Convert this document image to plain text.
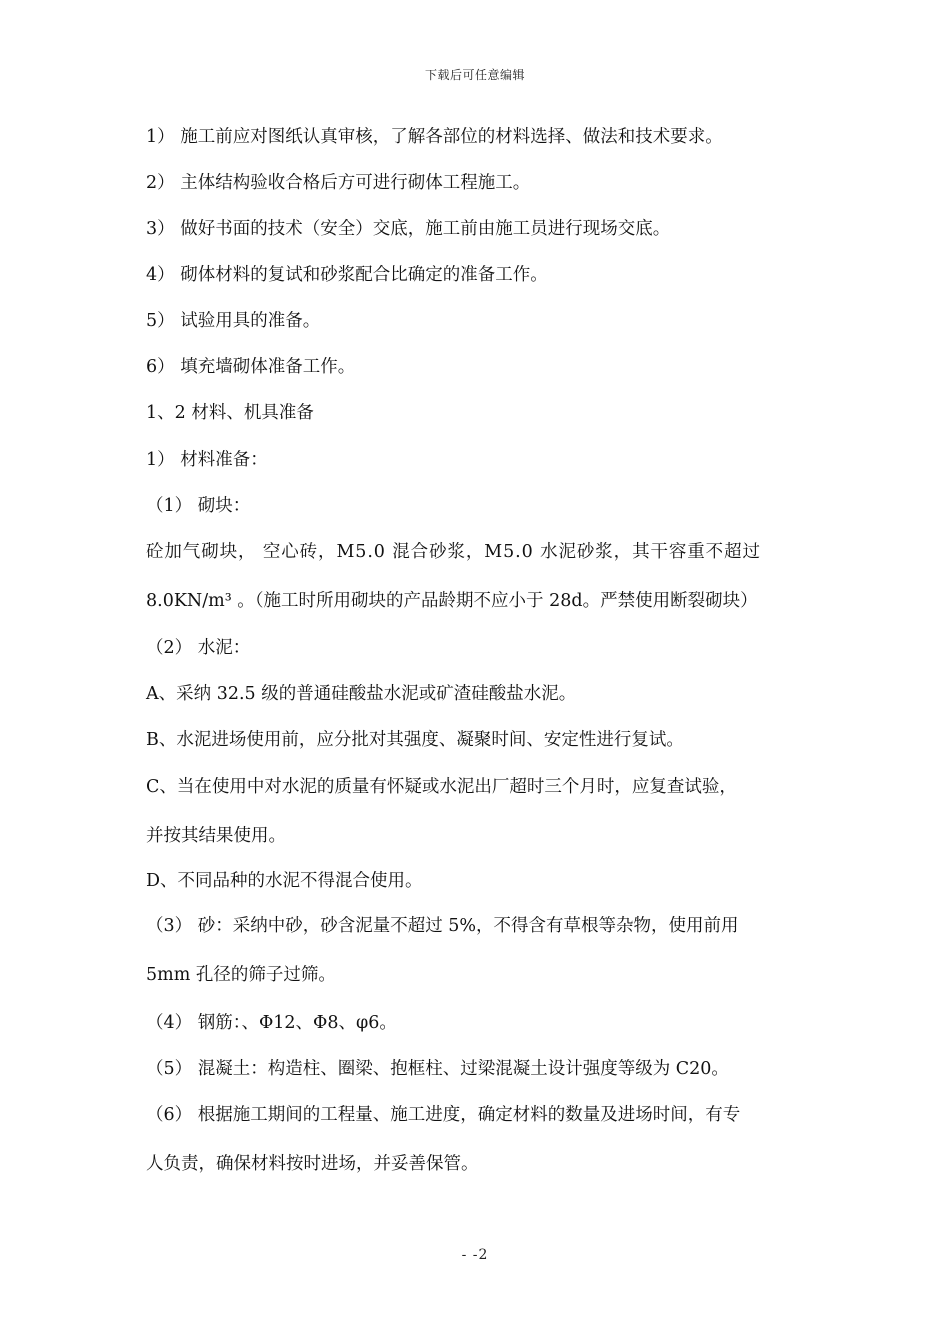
下载后可任意编辑
1） 施工前应对图纸认真审核，了解各部位的材料选择、做法和技术要求。
2） 主体结构验收合格后方可进行砌体工程施工。
3） 做好书面的技术（安全）交底，施工前由施工员进行现场交底。
4） 砌体材料的复试和砂浆配合比确定的准备工作。
5） 试验用具的准备。
6） 填充墙砌体准备工作。
1、2 材料、机具准备
1） 材料准备：
（1） 砌块：
砼加气砌块， 空心砖，M5.0 混合砂浆，M5.0 水泥砂浆，其干容重不超过
8.0KN/m³ 。（施工时所用砌块的产品龄期不应小于 28d。严禁使用断裂砌块）
（2） 水泥：
A、采纳 32.5 级的普通硅酸盐水泥或矿渣硅酸盐水泥。
B、水泥进场使用前，应分批对其强度、凝聚时间、安定性进行复试。
C、当在使用中对水泥的质量有怀疑或水泥出厂超时三个月时，应复查试验，
并按其结果使用。
D、不同品种的水泥不得混合使用。
（3） 砂：采纳中砂，砂含泥量不超过 5%，不得含有草根等杂物，使用前用
5mm 孔径的筛子过筛。
（4） 钢筋：、Φ12、Φ8、φ6。
（5） 混凝土：构造柱、圈梁、抱框柱、过梁混凝土设计强度等级为 C20。
（6） 根据施工期间的工程量、施工进度，确定材料的数量及进场时间，有专
人负责，确保材料按时进场，并妥善保管。
- -2
